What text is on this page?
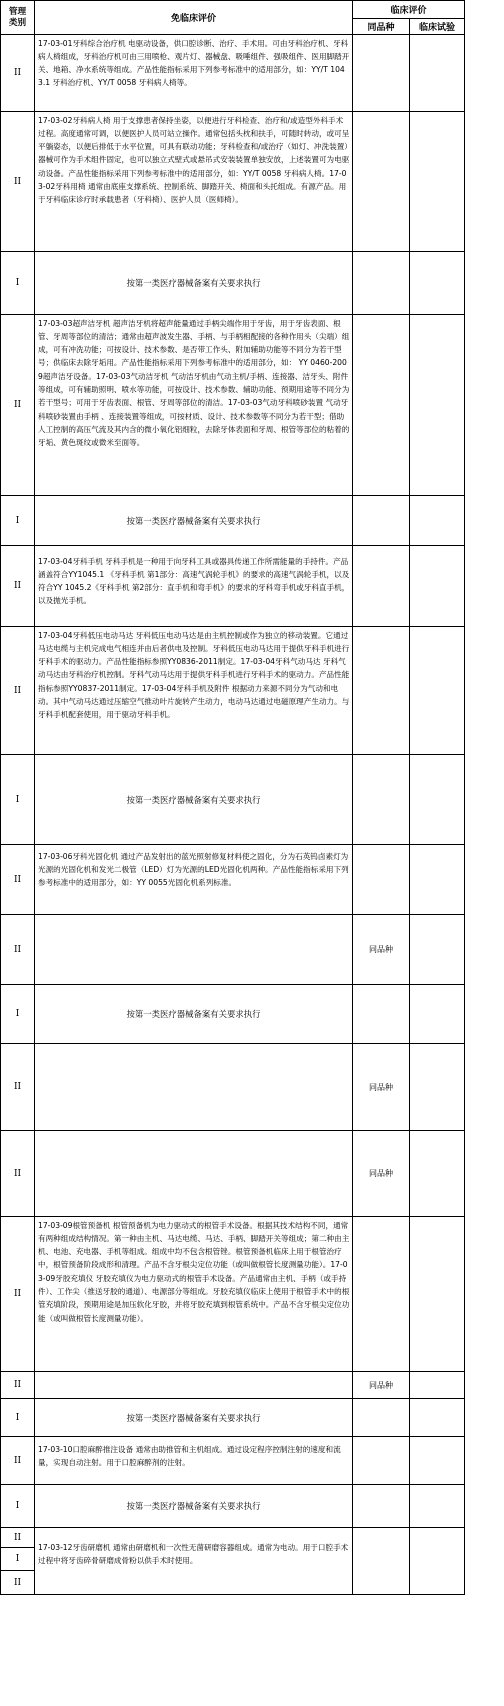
管理类别	免临床评价	临床评价	
		同品种	临床试验
II	17-03-01牙科综合治疗机 电驱动设备，供口腔诊断、治疗、手术用。可由牙科治疗机、牙科病人椅组成，牙科治疗机可由三用喷枪、观片灯、器械盘、吸唾组件、强吸组件、医用脚踏开关、地箱、净水系统等组成。产品性能指标采用下列参考标准中的适用部分，如：YY/T 1043.1 牙科治疗机、YY/T 0058 牙科病人椅等。		

II	17-03-02牙科病人椅 用于支撑患者保持坐姿，以便进行牙科检查、治疗和/或造型外科手术过程。高度通常可调，以便医护人员可站立操作。通常包括头枕和扶手，可随时转动，或可呈平躺姿态，以便后排低于水平位置，可具有联动功能；牙科检查和/或治疗（如灯、冲洗装置）器械可作为手术组件固定，也可以独立式壁式或悬吊式安装装置单独安放，上述装置可为电驱动设备。产品性能指标采用下列参考标准中的适用部分，如：YY/T 0058 牙科病人椅。17-03-02牙科用椅 通常由底座支撑系统、控制系统、脚踏开关、椅面和头托组成。有源产品。用于牙科临床诊疗时承载患者（牙科椅）、医护人员（医师椅）。		

I	按第一类医疗器械备案有关要求执行		
II	17-03-03超声洁牙机 超声洁牙机将超声能量通过手柄尖端作用于牙齿，用于牙齿表面、根管、牙周等部位的清洁；通常由超声波发生器、手柄、与手柄相配接的各种作用头（尖端）组成，可有冲洗功能；可按设计、技术参数、是否带工作头、附加辅助功能等不同分为若干型号；供临床去除牙垢用。产品性能指标采用下列参考标准中的适用部分，如： YY 0460-2009超声洁牙设备。17-03-03气动洁牙机 气动洁牙机由气动主机/手柄、连接器、洁牙头、附件等组成，可有辅助照明、喷水等功能，可按设计、技术参数、辅助功能、预期用途等不同分为若干型号；可用于牙齿表面、根管、牙周等部位的清洁。17-03-03气动牙科喷砂装置 气动牙科喷砂装置由手柄 、连接装置等组成，可按材质、设计、技术参数等不同分为若干型；借助人工控制的高压气流及其内含的微小氧化铝细粒，去除牙体表面和牙周、根管等部位的粘着的牙垢、黄色斑纹或微米至面等。		

I	按第一类医疗器械备案有关要求执行		
II	17-03-04牙科手机 牙科手机是一种用于向牙科工具或器具传递工作所需能量的手持件。产品涵盖符合YY1045.1 《牙科手机 第1部分：高速气涡轮手机》的要求的高速气涡轮手机，以及符合YY 1045.2《牙科手机 第2部分：直手机和弯手机》的要求的牙科弯手机或牙科直手机，以及抛光手机。		

II	17-03-04牙科低压电动马达 牙科低压电动马达是由主机控制或作为独立的移动装置。它通过马达电缆与主机完成电气相连并由后者供电及控制。牙科低压电动马达用于提供牙科手机进行牙科手术的驱动力。产品性能指标参照YY0836-2011制定。17-03-04牙科气动马达 牙科气动马达由牙科治疗机控制。牙科气动马达用于提供牙科手机进行牙科手术的驱动力。产品性能指标参照YY0837-2011制定。17-03-04牙科手机及附件 根据动力来源不同分为气动和电动。其中气动马达通过压缩空气推动叶片旋转产生动力，电动马达通过电磁原理产生动力。与牙科手机配套使用，用于驱动牙科手机。		

I	按第一类医疗器械备案有关要求执行		
II	17-03-06牙科光固化机 通过产品发射出的蓝光照射修复材料使之固化，分为石英钨卤素灯为光源的光固化机和发光二极管（LED）灯为光源的LED光固化机两种。产品性能指标采用下列参考标准中的适用部分，如：YY 0055光固化机系列标准。		

II		同品种	
I	按第一类医疗器械备案有关要求执行		
II		同品种	
II		同品种	
II	17-03-09根管预备机 根管预备机为电力驱动式的根管手术设备。根据其技术结构不同，通常有两种组成结构情况。第一种由主机、马达电缆、马达、手柄、脚踏开关等组成；第二种由主机、电池、充电器、手机等组成。组成中均不包含根管锉。根管预备机临床上用于根管治疗中，根管预备阶段成形和清理。产品不含牙根尖定位功能（或叫做根管长度测量功能）。17-03-09牙胶充填仪 牙胶充填仪为电力驱动式的根管手术设备。产品通常由主机、手柄（或手持件）、工作尖（推送牙胶的通道）、电源部分等组成。牙胶充填仪临床上使用于根管手术中的根管充填阶段，预期用途是加压软化牙胶，并将牙胶充填到根管系统中。产品不含牙根尖定位功能（或叫做根管长度测量功能）。		

II		同品种	
I	按第一类医疗器械备案有关要求执行		
II	17-03-10口腔麻醉推注设备 通常由助推管和主机组成。通过设定程序控制注射的速度和流量，实现自动注射。用于口腔麻醉剂的注射。		

I	按第一类医疗器械备案有关要求执行		
II	17-03-12牙齿研磨机 通常由研磨机和一次性无菌研磨容器组成。通常为电动。用于口腔手术过程中将牙齿碎骨研磨成骨粉以供手术时使用。		

I			
II			
